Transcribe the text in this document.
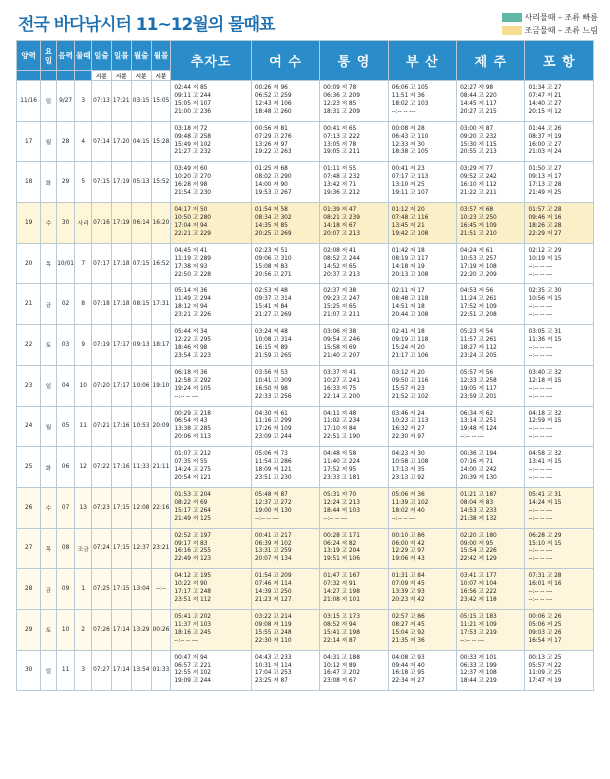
전국 바다낚시터 11~12월의 물때표	사리물때 – 조류 빠름
조금물때 – 조류 느림
양력	요일	음력	물때	일출	일몰	월출	월몰	추자도	여 수	통 영	부 산	제 주	포 항
				시분	시분	시분	시분						
11/16	일	9/27	3	07:13	17:21	03:15	15:05	02:44 저 85
09:11 고 244
15:05 저 107
21:00 고 236	00:26 저 96
06:52 고 259
12:43 저 106
18:48 고 260	00:09 저 78
06:36 고 209
12:23 저 85
18:31 고 209	06:06 고 105
11:51 저 36
18:02 고 103
--:-- -- ---	02:27 저 98
08:44 고 220
14:45 저 117
20:27 고 215	01:34 고 27
07:47 저 21
14:40 고 27
20:15 저 12
17	월	28	4	07:14	17:20	04:15	15:28	03:18 저 72
09:48 고 258
15:49 저 102
21:27 고 232	00:56 저 81
07:29 고 276
13:26 저 97
19:22 고 263	00:41 저 65
07:13 고 222
13:05 저 78
19:05 고 211	00:08 저 28
06:43 고 110
12:33 저 30
18:38 고 105	03:00 저 87
09:20 고 232
15:30 저 115
20:55 고 213	01:44 고 26
08:37 저 19
16:00 고 27
21:03 저 24
18	화	29	5	07:15	17:19	05:13	15:52	03:49 저 60
10:20 고 270
16:28 저 98
21:54 고 230	01:25 저 68
08:02 고 290
14:00 저 90
19:53 고 267	01:11 저 55
07:48 고 232
13:42 저 71
19:36 고 212	00:41 저 23
07:17 고 113
13:10 저 25
19:11 고 107	03:29 저 77
09:52 고 242
16:10 저 112
21:22 고 211	01:50 고 27
09:13 저 17
17:13 고 28
21:49 저 25
19	수	30	사리	07:16	17:19	06:14	16:20	04:17 저 50
10:50 고 280
17:04 저 94
22:21 고 229	01:54 저 58
08:34 고 302
14:35 저 85
20:25 고 269	01:39 저 47
08:21 고 239
14:18 저 67
20:07 고 213	01:12 저 20
07:48 고 116
13:45 저 21
19:42 고 108	03:57 저 68
10:23 고 250
16:45 저 109
21:51 고 210	01:57 고 28
09:46 저 16
18:26 고 28
22:29 저 27
20	목	10/01	7	07:17	17:18	07:15	16:52	04:45 저 41
11:19 고 289
17:38 저 93
22:50 고 228	02:23 저 51
09:06 고 310
15:08 저 83
20:56 고 271	02:08 저 41
08:52 고 244
14:52 저 65
20:37 고 213	01:42 저 18
08:19 고 117
14:18 저 19
20:13 고 108	04:24 저 61
10:53 고 257
17:19 저 108
22:20 고 209	02:12 고 29
10:19 저 15
--:-- -- ---
--:-- -- ---
21	금	02	8	07:18	17:18	08:15	17:31	05:14 저 36
11:49 고 294
18:12 저 94
23:21 고 226	02:53 저 48
09:37 고 314
15:41 저 84
21:27 고 269	02:37 저 38
09:23 고 247
15:25 저 65
21:07 고 211	02:11 저 17
08:48 고 118
14:51 저 18
20:44 고 108	04:53 저 56
11:24 고 261
17:52 저 109
22:51 고 208	02:35 고 30
10:56 저 15
--:-- -- ---
--:-- -- ---
22	토	03	9	07:19	17:17	09:13	18:17	05:44 저 34
12:22 고 295
18:46 저 98
23:54 고 223	03:24 저 48
10:08 고 314
16:15 저 89
21:59 고 265	03:06 저 38
09:54 고 246
15:58 저 69
21:40 고 207	02:41 저 18
09:19 고 118
15:24 저 20
21:17 고 106	05:23 저 54
11:57 고 261
18:27 저 112
23:24 고 205	03:05 고 31
11:36 저 15
--:-- -- ---
--:-- -- ---
23	일	04	10	07:20	17:17	10:06	19:10	06:18 저 36
12:58 고 292
19:24 저 105
--:-- -- ---	03:56 저 53
10:41 고 309
16:50 저 98
22:33 고 256	03:37 저 41
10:27 고 241
16:33 저 75
22:14 고 200	03:12 저 20
09:50 고 116
15:57 저 23
21:52 고 102	05:57 저 56
12:33 고 258
19:05 저 117
23:59 고 201	03:40 고 32
12:18 저 15
--:-- -- ---
--:-- -- ---
24	월	05	11	07:21	17:16	10:53	20:09	00:29 고 218
06:54 저 43
13:38 고 285
20:06 저 113	04:30 저 61
11:16 고 299
17:26 저 109
23:09 고 244	04:11 저 48
11:02 고 234
17:10 저 84
22:51 고 190	03:46 저 24
10:23 고 113
16:32 저 27
22:30 저 97	06:34 저 62
13:14 고 251
19:48 저 124
--:-- -- ---	04:18 고 32
12:59 저 15
--:-- -- ---
--:-- -- ---
25	화	06	12	07:22	17:16	11:33	21:11	01:07 고 212
07:35 저 55
14:24 고 275
20:54 저 121	05:06 저 73
11:54 고 286
18:09 저 121
23:51 고 230	04:48 저 58
11:40 고 224
17:52 저 95
23:33 고 181	04:23 저 30
10:58 고 108
17:13 저 35
23:13 고 92	00:36 고 194
07:16 저 71
14:00 고 242
20:39 저 130	04:58 고 32
13:41 저 15
--:-- -- ---
--:-- -- ---
26	수	07	13	07:23	17:15	12:08	22:16	01:53 고 204
08:22 저 69
15:17 고 264
21:49 저 125	05:48 저 87
12:37 고 272
19:00 저 130
--:-- -- ---	05:31 저 70
12:24 고 213
18:44 저 103
--:-- -- ---	05:06 저 36
11:39 고 102
18:02 저 40
--:-- -- ---	01:21 고 187
08:04 저 83
14:53 고 233
21:38 저 132	05:41 고 31
14:24 저 15
--:-- -- ---
--:-- -- ---
27	목	08	조금	07:24	17:15	12:37	23:21	02:52 고 197
09:17 저 83
16:16 고 255
22:49 저 123	00:41 고 217
06:39 저 102
13:31 고 259
20:07 저 134	00:28 고 171
06:24 저 82
13:19 고 204
19:51 저 106	00:10 고 86
06:00 저 42
12:29 고 97
19:06 저 43	02:20 고 180
09:00 저 95
15:54 고 226
22:42 저 129	06:28 고 29
15:10 저 15
--:-- -- ---
--:-- -- ---
28	금	09	1	07:25	17:15	13:04	--:--	04:12 고 195
10:22 저 90
17:17 고 248
23:51 저 112	01:54 고 209
07:46 저 114
14:39 고 250
21:23 저 127	01:47 고 167
07:32 저 91
14:27 고 198
21:08 저 101	01:31 고 84
07:09 저 45
13:39 고 93
20:23 저 42	03:41 고 177
10:07 저 104
16:56 고 222
23:42 저 118	07:31 고 28
16:01 저 16
--:-- -- ---
--:-- -- ---
29	토	10	2	07:26	17:14	13:29	00:26	05:41 고 202
11:37 저 103
18:16 고 245
--:-- -- ---	03:22 고 214
09:08 저 119
15:55 고 248
22:30 저 110	03:15 고 173
08:52 저 94
15:41 고 198
22:14 저 87	02:57 고 86
08:27 저 45
15:04 고 92
21:35 저 36	05:15 고 183
11:21 저 109
17:53 고 219
--:-- -- ---	00:06 고 26
05:06 저 25
09:03 고 26
16:54 저 17
30	일	11	3	07:27	17:14	13:54	01:33	00:47 저 94
06:57 고 221
12:55 저 102
19:09 고 244	04:43 고 233
10:31 저 114
17:04 고 253
23:25 저 87	04:31 고 188
10:12 저 89
16:47 고 202
23:08 저 67	04:08 고 93
09:44 저 40
16:18 고 95
22:34 저 27	00:33 저 101
06:33 고 199
12:37 저 108
18:44 고 219	00:13 고 25
05:57 저 22
11:09 고 25
17:47 저 19
